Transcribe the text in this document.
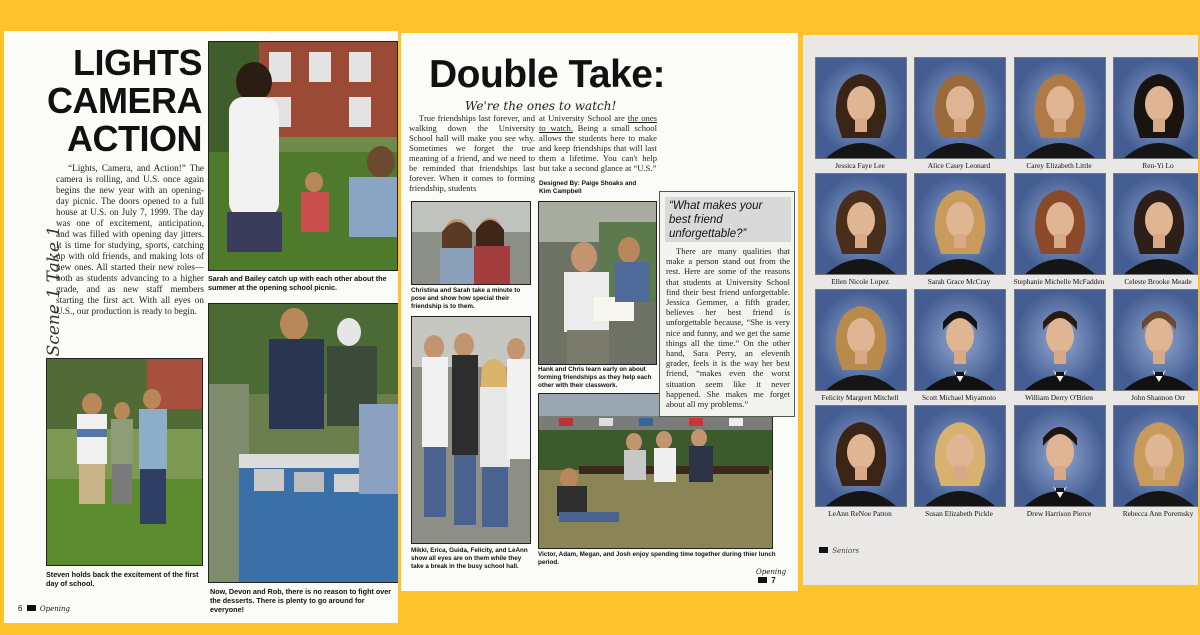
LIGHTS
CAMERA
ACTION
Scene 1 Take 1
“Lights, Camera, and Action!” The camera is rolling, and U.S. once again begins the new year with an opening-day picnic. The doors opened to a full house at U.S. on July 7, 1999. The day was one of excitement, anticipation, and was filled with opening day jitters. It is time for studying, sports, catching up with old friends, and making lots of new ones. All started their new roles—both as students advancing to a higher grade, and as new staff members starting the first act. With all eyes on U.S., our production is ready to begin.
Sarah and Bailey catch up with each other about the summer at the opening school picnic.
Steven holds back the excitement of the first day of school.
Now, Devon and Rob, there is no reason to fight over the desserts. There is plenty to go around for everyone!
6 Opening
Double Take:
We're the ones to watch!
True friendships last forever, and walking down the University School hall will make you see why. Sometimes we forget the true meaning of a friend, and we need to be reminded that friendships last forever. When it comes to forming friendship, students
at University School are the ones to watch. Being a small school allows the students here to make and keep friendships that will last them a lifetime. You can't help but take a second glance at “U.S.”
Designed By: Paige Shoaks and Kim Campbell
Christina and Sarah take a minute to pose and show how special their friendship is to them.
Hank and Chris learn early on about forming friendships as they help each other with their classwork.
Mikki, Erica, Guida, Felicity, and LeAnn show all eyes are on them while they take a break in the busy school hall.
Victor, Adam, Megan, and Josh enjoy spending time together during thier lunch period.
“What makes your best friend unforgettable?”
There are many qualities that make a person stand out from the rest. Here are some of the reasons that students at University School find their best friend unforgettable. Jessica Gemmer, a fifth grader, believes her best friend is unforgettable because, “She is very nice and funny, and we get the same things all the time.” On the other hand, Sara Perry, an eleventh grader, feels it is the way her best friend, “makes even the worst situation seem like it never happened. She makes me forget about all my problems.”
Opening  7
Jessica Faye Lee	Alice Casey Leonard	Carey Elizabeth Little	Ren-Yi Lo
Ellen Nicole Lopez	Sarah Grace McCray	Stephanie Michelle McFadden	Celeste Brooke Meade
Felicity Margrett Mitchell	Scott Michael Miyamoto	William Derry O'Brien	John Shannon Orr
LeAnn ReNoe Patton	Susan Elizabeth Pickle	Drew Harrison Pierce	Rebecca Ann Poremsky
Seniors
